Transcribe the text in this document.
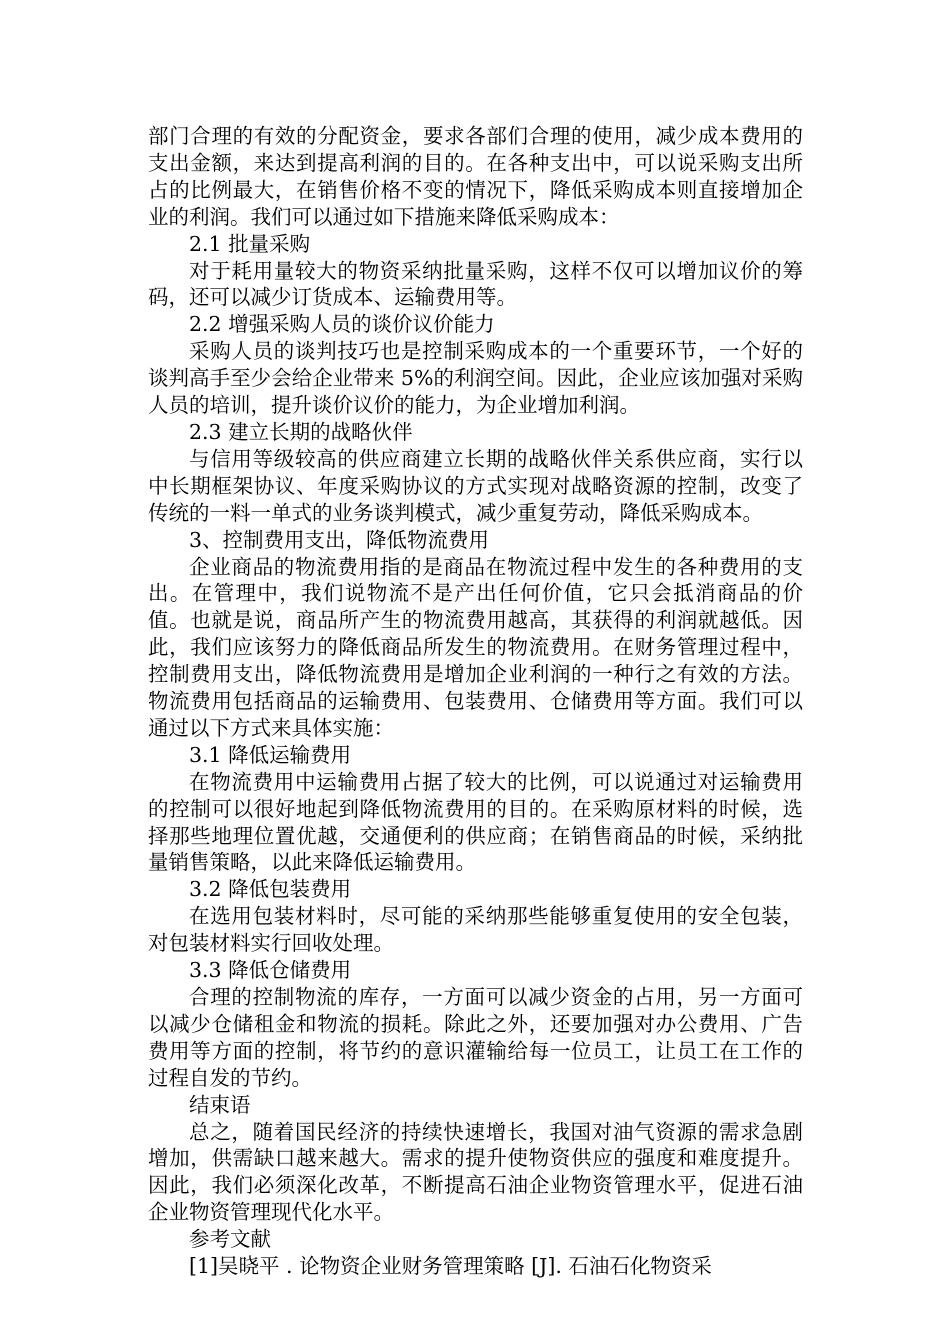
部门合理的有效的分配资金，要求各部们合理的使用，减少成本费用的支出金额，来达到提高利润的目的。在各种支出中，可以说采购支出所占的比例最大，在销售价格不变的情况下，降低采购成本则直接增加企业的利润。我们可以通过如下措施来降低采购成本：

2.1 批量采购

对于耗用量较大的物资采纳批量采购，这样不仅可以增加议价的筹码，还可以减少订货成本、运输费用等。

2.2 增强采购人员的谈价议价能力

采购人员的谈判技巧也是控制采购成本的一个重要环节，一个好的谈判高手至少会给企业带来 5%的利润空间。因此，企业应该加强对采购人员的培训，提升谈价议价的能力，为企业增加利润。

2.3 建立长期的战略伙伴

与信用等级较高的供应商建立长期的战略伙伴关系供应商，实行以中长期框架协议、年度采购协议的方式实现对战略资源的控制，改变了传统的一料一单式的业务谈判模式，减少重复劳动，降低采购成本。

3、控制费用支出，降低物流费用

企业商品的物流费用指的是商品在物流过程中发生的各种费用的支出。在管理中，我们说物流不是产出任何价值，它只会抵消商品的价值。也就是说，商品所产生的物流费用越高，其获得的利润就越低。因此，我们应该努力的降低商品所发生的物流费用。在财务管理过程中，控制费用支出，降低物流费用是增加企业利润的一种行之有效的方法。物流费用包括商品的运输费用、包装费用、仓储费用等方面。我们可以通过以下方式来具体实施：

3.1 降低运输费用

在物流费用中运输费用占据了较大的比例，可以说通过对运输费用的控制可以很好地起到降低物流费用的目的。在采购原材料的时候，选择那些地理位置优越，交通便利的供应商；在销售商品的时候，采纳批量销售策略，以此来降低运输费用。

3.2 降低包装费用

在选用包装材料时，尽可能的采纳那些能够重复使用的安全包装，对包装材料实行回收处理。

3.3 降低仓储费用

合理的控制物流的库存，一方面可以减少资金的占用，另一方面可以减少仓储租金和物流的损耗。除此之外，还要加强对办公费用、广告费用等方面的控制，将节约的意识灌输给每一位员工，让员工在工作的过程自发的节约。

结束语

总之，随着国民经济的持续快速增长，我国对油气资源的需求急剧增加，供需缺口越来越大。需求的提升使物资供应的强度和难度提升。因此，我们必须深化改革，不断提高石油企业物资管理水平，促进石油企业物资管理现代化水平。

参考文献

[1]吴晓平 . 论物资企业财务管理策略 [J]. 石油石化物资采
